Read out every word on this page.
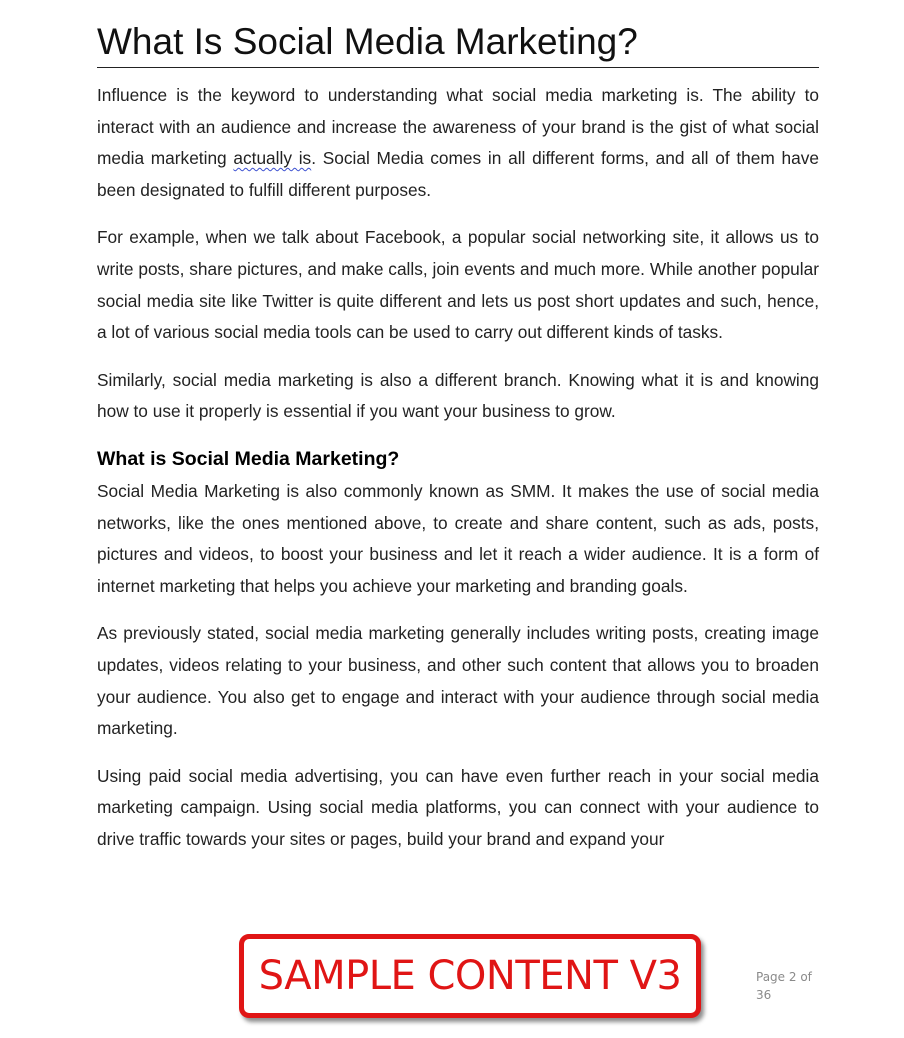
What Is Social Media Marketing?

Influence is the keyword to understanding what social media marketing is. The ability to interact with an audience and increase the awareness of your brand is the gist of what social media marketing actually is. Social Media comes in all different forms, and all of them have been designated to fulfill different purposes.

For example, when we talk about Facebook, a popular social networking site, it allows us to write posts, share pictures, and make calls, join events and much more. While another popular social media site like Twitter is quite different and lets us post short updates and such, hence, a lot of various social media tools can be used to carry out different kinds of tasks.

Similarly, social media marketing is also a different branch. Knowing what it is and knowing how to use it properly is essential if you want your business to grow.

What is Social Media Marketing?

Social Media Marketing is also commonly known as SMM. It makes the use of social media networks, like the ones mentioned above, to create and share content, such as ads, posts, pictures and videos, to boost your business and let it reach a wider audience. It is a form of internet marketing that helps you achieve your marketing and branding goals.

As previously stated, social media marketing generally includes writing posts, creating image updates, videos relating to your business, and other such content that allows you to broaden your audience. You also get to engage and interact with your audience through social media marketing.

Using paid social media advertising, you can have even further reach in your social media marketing campaign. Using social media platforms, you can connect with your audience to drive traffic towards your sites or pages, build your brand and expand your

SAMPLE CONTENT V3	Page 2 of 36
